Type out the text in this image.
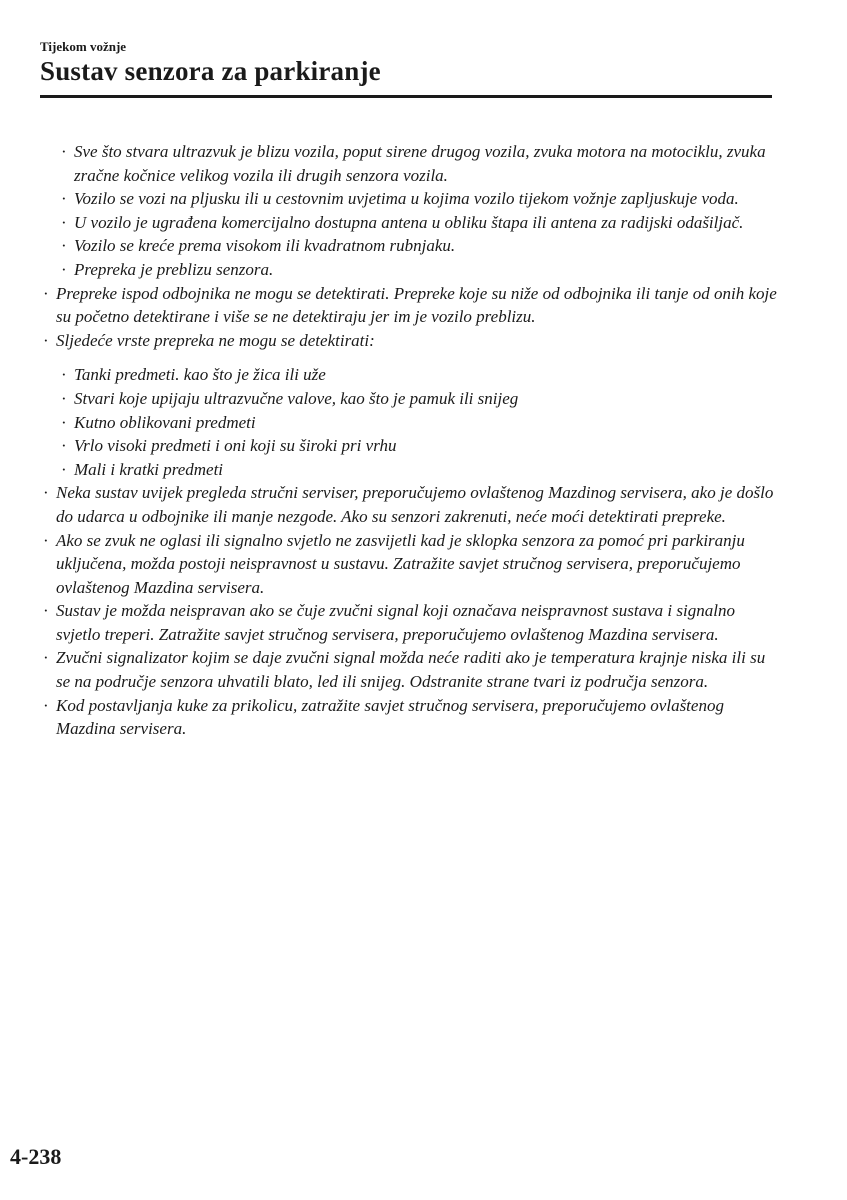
Tijekom vožnje
Sustav senzora za parkiranje

· Sve što stvara ultrazvuk je blizu vozila, poput sirene drugog vozila, zvuka motora na motociklu, zvuka zračne kočnice velikog vozila ili drugih senzora vozila.

· Vozilo se vozi na pljusku ili u cestovnim uvjetima u kojima vozilo tijekom vožnje zapljuskuje voda.

· U vozilo je ugrađena komercijalno dostupna antena u obliku štapa ili antena za radijski odašiljač.

· Vozilo se kreće prema visokom ili kvadratnom rubnjaku.

· Prepreka je preblizu senzora.

· Prepreke ispod odbojnika ne mogu se detektirati. Prepreke koje su niže od odbojnika ili tanje od onih koje su početno detektirane i više se ne detektiraju jer im je vozilo preblizu.

· Sljedeće vrste prepreka ne mogu se detektirati:

· Tanki predmeti. kao što je žica ili uže

· Stvari koje upijaju ultrazvučne valove, kao što je pamuk ili snijeg

· Kutno oblikovani predmeti

· Vrlo visoki predmeti i oni koji su široki pri vrhu

· Mali i kratki predmeti

· Neka sustav uvijek pregleda stručni serviser, preporučujemo ovlaštenog Mazdinog servisera, ako je došlo do udarca u odbojnike ili manje nezgode. Ako su senzori zakrenuti, neće moći detektirati prepreke.

· Ako se zvuk ne oglasi ili signalno svjetlo ne zasvijetli kad je sklopka senzora za pomoć pri parkiranju uključena, možda postoji neispravnost u sustavu. Zatražite savjet stručnog servisera, preporučujemo ovlaštenog Mazdina servisera.

· Sustav je možda neispravan ako se čuje zvučni signal koji označava neispravnost sustava i signalno svjetlo treperi. Zatražite savjet stručnog servisera, preporučujemo ovlaštenog Mazdina servisera.

· Zvučni signalizator kojim se daje zvučni signal možda neće raditi ako je temperatura krajnje niska ili su se na područje senzora uhvatili blato, led ili snijeg. Odstranite strane tvari iz područja senzora.

· Kod postavljanja kuke za prikolicu, zatražite savjet stručnog servisera, preporučujemo ovlaštenog Mazdina servisera.

4-238
